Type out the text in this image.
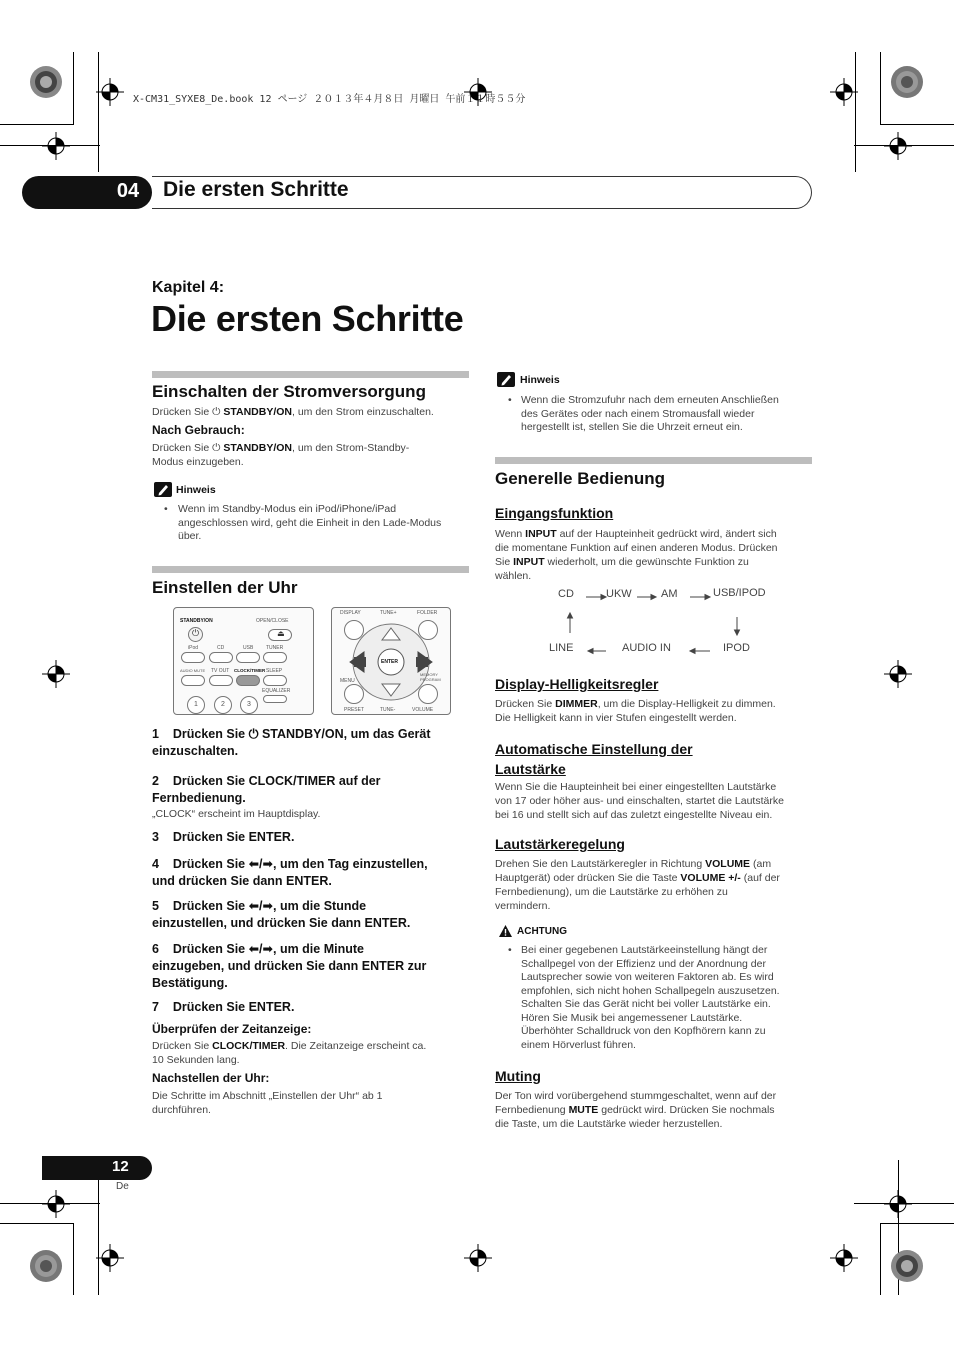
X-CM31_SYXE8_De.book 12 ページ ２０１３年４月８日 月曜日 午前１１時５５分
04	Die ersten Schritte
Kapitel 4:
Die ersten Schritte
Einschalten der Stromversorgung
Drücken Sie ⏻ STANDBY/ON, um den Strom einzuschalten.
Nach Gebrauch:
Drücken Sie ⏻ STANDBY/ON, um den Strom-Standby-
Modus einzugeben.
Hinweis
• Wenn im Standby-Modus ein iPod/iPhone/iPad
angeschlossen wird, geht die Einheit in den Lade-Modus
über.
Einstellen der Uhr
STANDBY/ON	OPEN/CLOSE
⏻	⏏
iPod	CD	USB	TUNER
AUDIO MUTE TV OUT CLOCK/TIMER SLEEP
EQUALIZER
1	2	3
DISPLAY	TUNE+	FOLDER
ENTER
MENU
MEMORY
PROGRAM
PRESET	TUNE-	VOLUME
1 Drücken Sie ⏻ STANDBY/ON, um das Gerät
einzuschalten.
2 Drücken Sie CLOCK/TIMER auf der
Fernbedienung.
„CLOCK“ erscheint im Hauptdisplay.
3 Drücken Sie ENTER.
4 Drücken Sie ⬅/➡, um den Tag einzustellen,
und drücken Sie dann ENTER.
5 Drücken Sie ⬅/➡, um die Stunde
einzustellen, und drücken Sie dann ENTER.
6 Drücken Sie ⬅/➡, um die Minute
einzugeben, und drücken Sie dann ENTER zur
Bestätigung.
7 Drücken Sie ENTER.
Überprüfen der Zeitanzeige:
Drücken Sie CLOCK/TIMER. Die Zeitanzeige erscheint ca.
10 Sekunden lang.
Nachstellen der Uhr:
Die Schritte im Abschnitt „Einstellen der Uhr“ ab 1
durchführen.
Hinweis
• Wenn die Stromzufuhr nach dem erneuten Anschließen
des Gerätes oder nach einem Stromausfall wieder
hergestellt ist, stellen Sie die Uhrzeit erneut ein.
Generelle Bedienung
Eingangsfunktion
Wenn INPUT auf der Haupteinheit gedrückt wird, ändert sich
die momentane Funktion auf einen anderen Modus. Drücken
Sie INPUT wiederholt, um die gewünschte Funktion zu
wählen.
CD	UKW	AM	USB/IPOD
LINE	AUDIO IN	IPOD
Display-Helligkeitsregler
Drücken Sie DIMMER, um die Display-Helligkeit zu dimmen.
Die Helligkeit kann in vier Stufen eingestellt werden.
Automatische Einstellung der
Lautstärke
Wenn Sie die Haupteinheit bei einer eingestellten Lautstärke
von 17 oder höher aus- und einschalten, startet die Lautstärke
bei 16 und stellt sich auf das zuletzt eingestellte Niveau ein.
Lautstärkeregelung
Drehen Sie den Lautstärkeregler in Richtung VOLUME (am
Hauptgerät) oder drücken Sie die Taste VOLUME +/- (auf der
Fernbedienung), um die Lautstärke zu erhöhen zu
vermindern.
ACHTUNG
• Bei einer gegebenen Lautstärkeeinstellung hängt der
Schallpegel von der Effizienz und der Anordnung der
Lautsprecher sowie von weiteren Faktoren ab. Es wird
empfohlen, sich nicht hohen Schallpegeln auszusetzen.
Schalten Sie das Gerät nicht bei voller Lautstärke ein.
Hören Sie Musik bei angemessener Lautstärke.
Überhöhter Schalldruck von den Kopfhörern kann zu
einem Hörverlust führen.
Muting
Der Ton wird vorübergehend stummgeschaltet, wenn auf der
Fernbedienung MUTE gedrückt wird. Drücken Sie nochmals
die Taste, um die Lautstärke wieder herzustellen.
12
De
